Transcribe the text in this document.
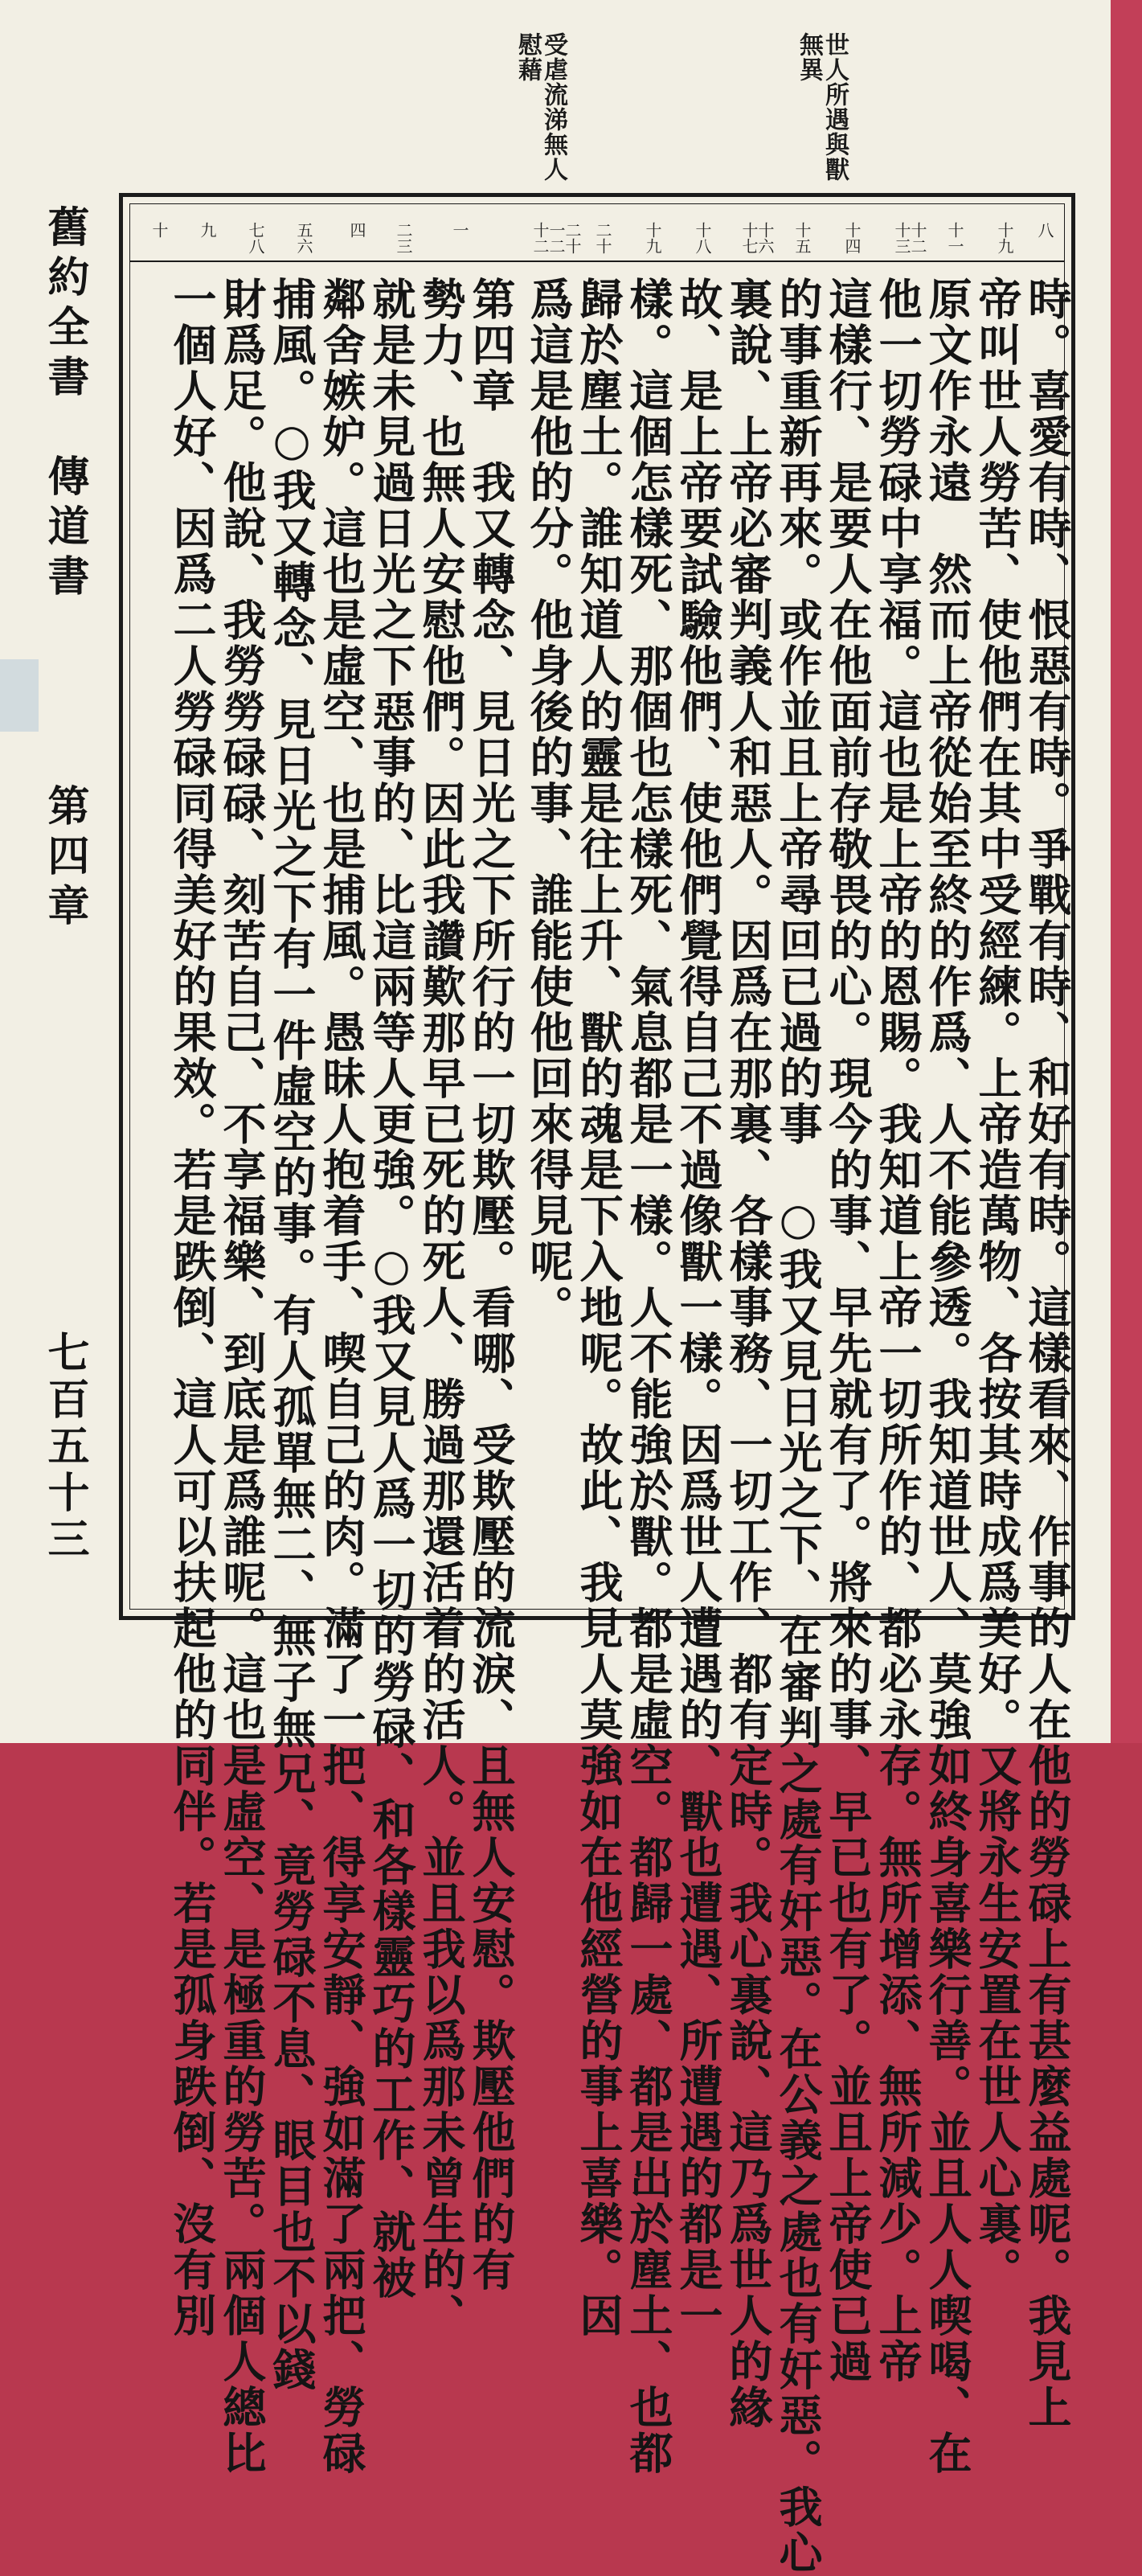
世人所遇與獸無異
受虐流涕無人慰藉
舊約全書　傳道書
第四章
七百五十三
八
十九
十一
十二十三
十四
十五
十六十七
十八
十九
二十
二十一二十二
一
二三
四
五六
七八
九
十
時。喜愛有時、恨惡有時。爭戰有時、和好有時。這樣看來、作事的人在他的勞碌上有甚麼益處呢。我見上
帝叫世人勞苦、使他們在其中受經練。上帝造萬物、各按其時成爲美好。又將永生安置在世人心裏。
原文作永遠　然而上帝從始至終的作爲、人不能參透。我知道世人、莫強如終身喜樂行善。並且人人喫喝、在
他一切勞碌中享福。這也是上帝的恩賜。我知道上帝一切所作的、都必永存。無所增添、無所減少。上帝
這樣行、是要人在他面前存敬畏的心。現今的事、早先就有了。將來的事、早已也有了。並且上帝使已過
的事重新再來。或作並且上帝尋回已過的事　○我又見日光之下、在審判之處有奸惡。在公義之處也有奸惡。我心
裏說、上帝必審判義人和惡人。因爲在那裏、各樣事務、一切工作、都有定時。我心裏說、這乃爲世人的緣
故、是上帝要試驗他們、使他們覺得自己不過像獸一樣。因爲世人遭遇的、獸也遭遇、所遭遇的都是一
樣。這個怎樣死、那個也怎樣死、氣息都是一樣。人不能強於獸。都是虛空。都歸一處、都是出於塵土、也都
歸於塵土。誰知道人的靈是往上升、獸的魂是下入地呢。故此、我見人莫強如在他經營的事上喜樂。因
爲這是他的分。他身後的事、誰能使他回來得見呢。
第四章　我又轉念、見日光之下所行的一切欺壓。看哪、受欺壓的流淚、且無人安慰。欺壓他們的有
勢力、也無人安慰他們。因此我讚歎那早已死的死人、勝過那還活着的活人。並且我以爲那未曾生的、
就是未見過日光之下惡事的、比這兩等人更強。○我又見人爲一切的勞碌、和各樣靈巧的工作、就被
鄰舍嫉妒。這也是虛空、也是捕風。愚昧人抱着手、喫自己的肉。滿了一把、得享安靜、強如滿了兩把、勞碌
捕風。○我又轉念、見日光之下有一件虛空的事。有人孤單無二、無子無兄、竟勞碌不息、眼目也不以錢
財爲足。他說、我勞勞碌碌、刻苦自己、不享福樂、到底是爲誰呢。這也是虛空、是極重的勞苦。兩個人總比
一個人好、因爲二人勞碌同得美好的果效。若是跌倒、這人可以扶起他的同伴。若是孤身跌倒、沒有別
